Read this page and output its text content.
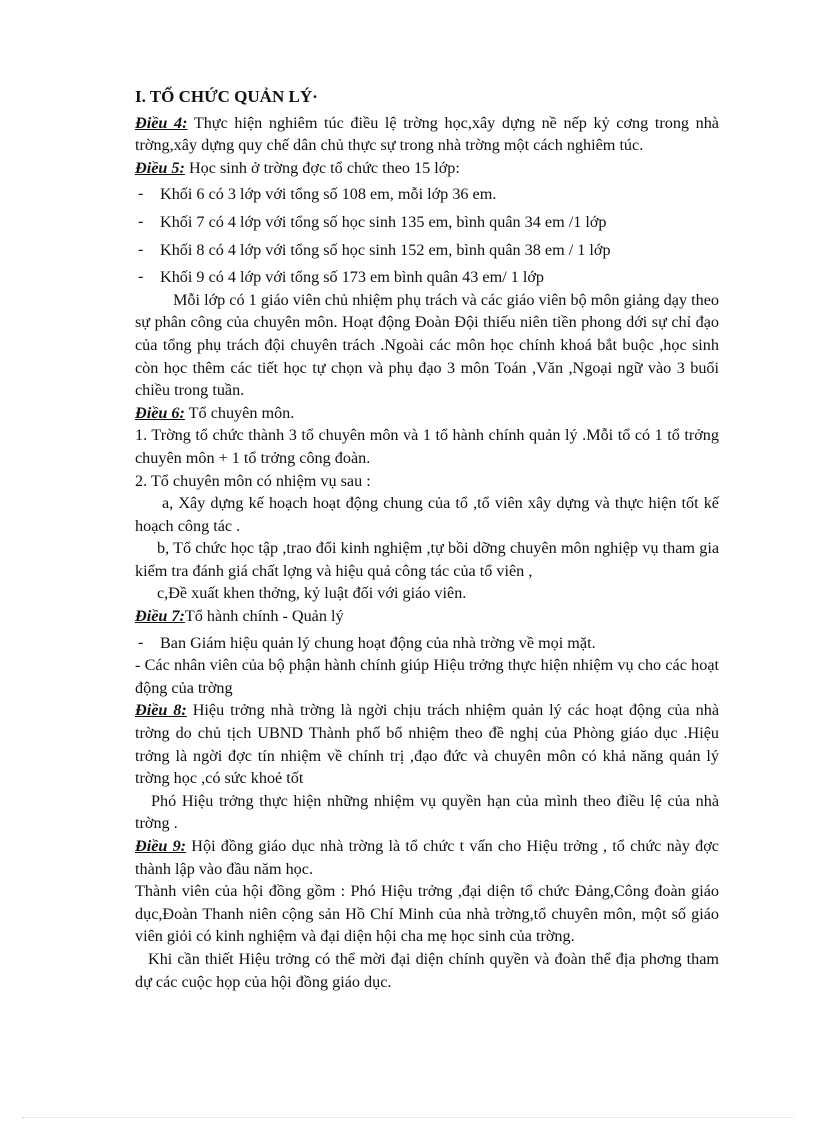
I. TỔ CHỨC QUẢN LÝ·

Điều 4: Thực hiện nghiêm túc điều lệ trờng học,xây dựng nề nếp kỷ cơng trong nhà trờng,xây dựng quy chế dân chủ thực sự trong nhà trờng một cách nghiêm túc.

Điều 5: Học sinh ở trờng đợc tổ chức theo 15 lớp:

- Khối 6 có 3 lớp với tổng số 108 em, mỗi lớp 36 em.
- Khối 7 có 4 lớp với tổng số học sinh 135 em, bình quân 34 em /1 lớp
- Khối 8 có 4 lớp với tổng số học sinh 152 em, bình quân 38 em / 1 lớp
- Khối 9 có 4 lớp với tổng số 173 em bình quân 43 em/ 1 lớp

Mỗi lớp có 1 giáo viên chủ nhiệm phụ trách và các giáo viên bộ môn giảng dạy theo sự phân công của chuyên môn. Hoạt động Đoàn Đội thiếu niên tiền phong dới sự chỉ đạo của tổng phụ trách đội chuyên trách .Ngoài các môn học chính khoá bắt buộc ,học sinh còn học thêm các tiết học tự chọn và phụ đạo 3 môn Toán ,Văn ,Ngoại ngữ vào 3 buổi chiều trong tuần.

Điều 6: Tổ chuyên môn.

1. Trờng tổ chức thành 3 tổ chuyên môn và 1 tổ hành chính quản lý .Mỗi tổ có 1 tổ trởng chuyên môn + 1 tổ trởng công đoàn.

2. Tổ chuyên môn có nhiệm vụ sau :

a, Xây dựng kế hoạch hoạt động chung của tổ ,tổ viên xây dựng và thực hiện tốt kế hoạch công tác .

b, Tổ chức học tập ,trao đổi kinh nghiệm ,tự bồi dỡng chuyên môn nghiệp vụ tham gia kiểm tra đánh giá chất lợng và hiệu quả công tác của tổ viên ,

c,Đề xuất khen thởng, kỷ luật đối với giáo viên.

Điều 7:Tổ hành chính - Quản lý

- Ban Giám hiệu quản lý chung hoạt động của nhà trờng về mọi mặt.

- Các nhân viên của bộ phận hành chính giúp Hiệu trởng thực hiện nhiệm vụ cho các hoạt động của trờng

Điều 8: Hiệu trởng nhà trờng là ngời chịu trách nhiệm quản lý các hoạt động của nhà trờng do chủ tịch UBND Thành phố bổ nhiệm theo đề nghị của Phòng giáo dục .Hiệu trởng là ngời đợc tín nhiệm về chính trị ,đạo đức và chuyên môn có khả năng quản lý trờng học ,có sức khoẻ tốt

Phó Hiệu trởng thực hiện những nhiệm vụ quyền hạn của mình theo điều lệ của nhà trờng .

Điều 9: Hội đồng giáo dục nhà trờng là tổ chức t vấn cho Hiệu trởng , tổ chức này đợc thành lập vào đầu năm học.

Thành viên của hội đồng gồm : Phó Hiệu trởng ,đại diện tổ chức Đảng,Công đoàn giáo dục,Đoàn Thanh niên cộng sản Hồ Chí Minh của nhà trờng,tổ chuyên môn, một số giáo viên giỏi có kinh nghiệm và đại diện hội cha mẹ học sinh của trờng.

Khi cần thiết Hiệu trởng có thể mời đại diện chính quyền và đoàn thể địa phơng tham dự các cuộc họp của hội đồng giáo dục.
